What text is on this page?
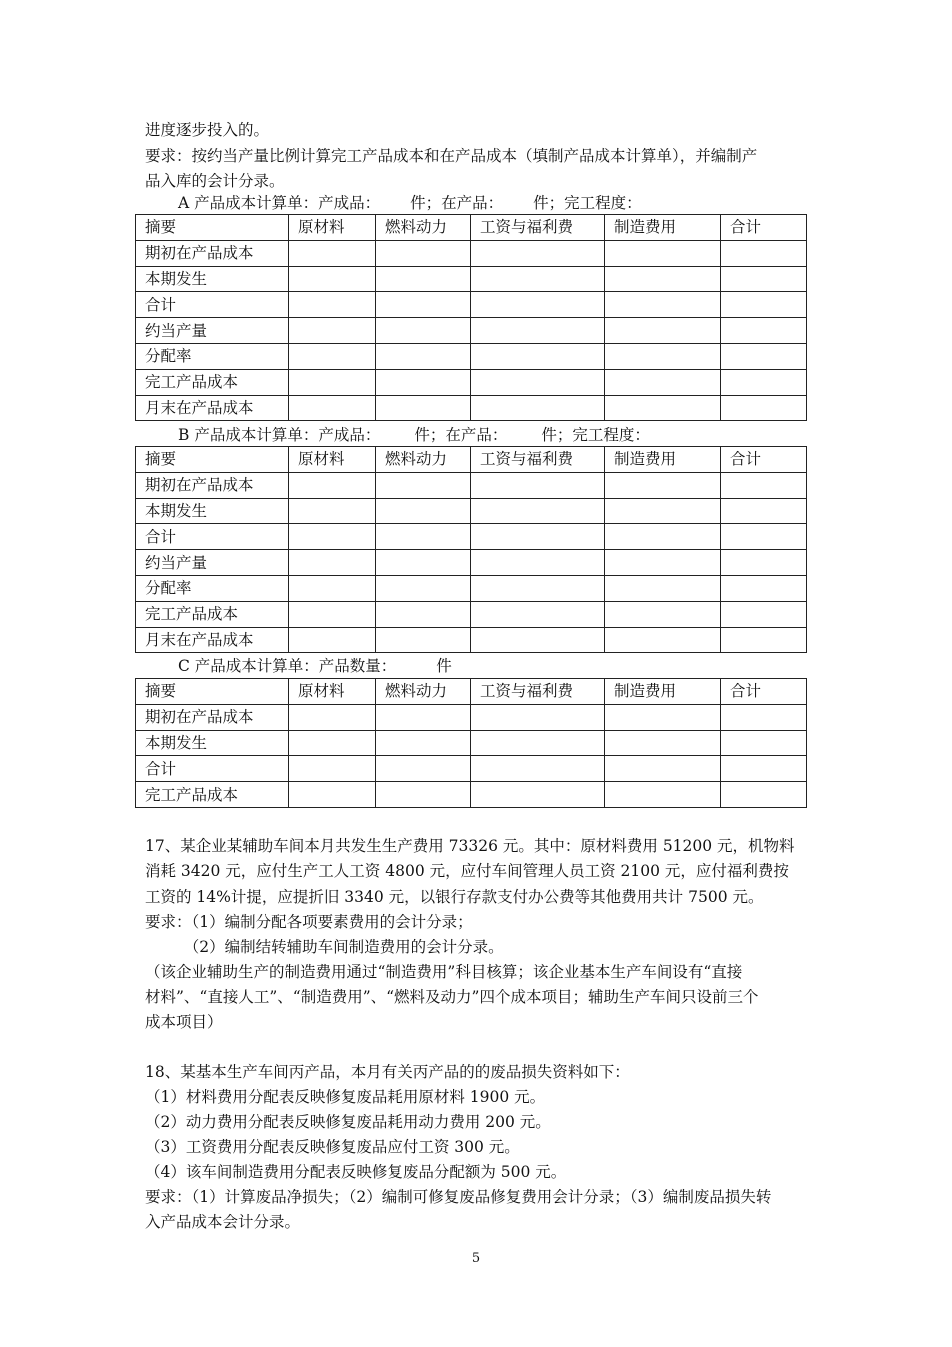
进度逐步投入的。
要求：按约当产量比例计算完工产品成本和在产品成本（填制产品成本计算单），并编制产
品入库的会计分录。
A 产品成本计算单：产成品： 件；在产品： 件；完工程度：
摘要	原材料	燃料动力	工资与福利费	制造费用	合计
期初在产品成本					
本期发生					
合计					
约当产量					
分配率					
完工产品成本					
月末在产品成本					
B 产品成本计算单：产成品： 件；在产品： 件；完工程度：
摘要	原材料	燃料动力	工资与福利费	制造费用	合计
期初在产品成本					
本期发生					
合计					
约当产量					
分配率					
完工产品成本					
月末在产品成本					
C 产品成本计算单：产品数量：	件
摘要	原材料	燃料动力	工资与福利费	制造费用	合计
期初在产品成本					
本期发生					
合计					
完工产品成本					
17、某企业某辅助车间本月共发生生产费用 73326 元。其中：原材料费用 51200 元，机物料
消耗 3420 元，应付生产工人工资 4800 元，应付车间管理人员工资 2100 元，应付福利费按
工资的 14%计提，应提折旧 3340 元，以银行存款支付办公费等其他费用共计 7500 元。
要求：（1）编制分配各项要素费用的会计分录；
　　　（2）编制结转辅助车间制造费用的会计分录。
（该企业辅助生产的制造费用通过“制造费用”科目核算；该企业基本生产车间设有“直接
材料”、“直接人工”、“制造费用”、“燃料及动力”四个成本项目；辅助生产车间只设前三个
成本项目）
18、某基本生产车间丙产品，本月有关丙产品的的废品损失资料如下：
（1）材料费用分配表反映修复废品耗用原材料 1900 元。
（2）动力费用分配表反映修复废品耗用动力费用 200 元。
（3）工资费用分配表反映修复废品应付工资 300 元。
（4）该车间制造费用分配表反映修复废品分配额为 500 元。
要求：（1）计算废品净损失；（2）编制可修复废品修复费用会计分录；（3）编制废品损失转
入产品成本会计分录。
5
